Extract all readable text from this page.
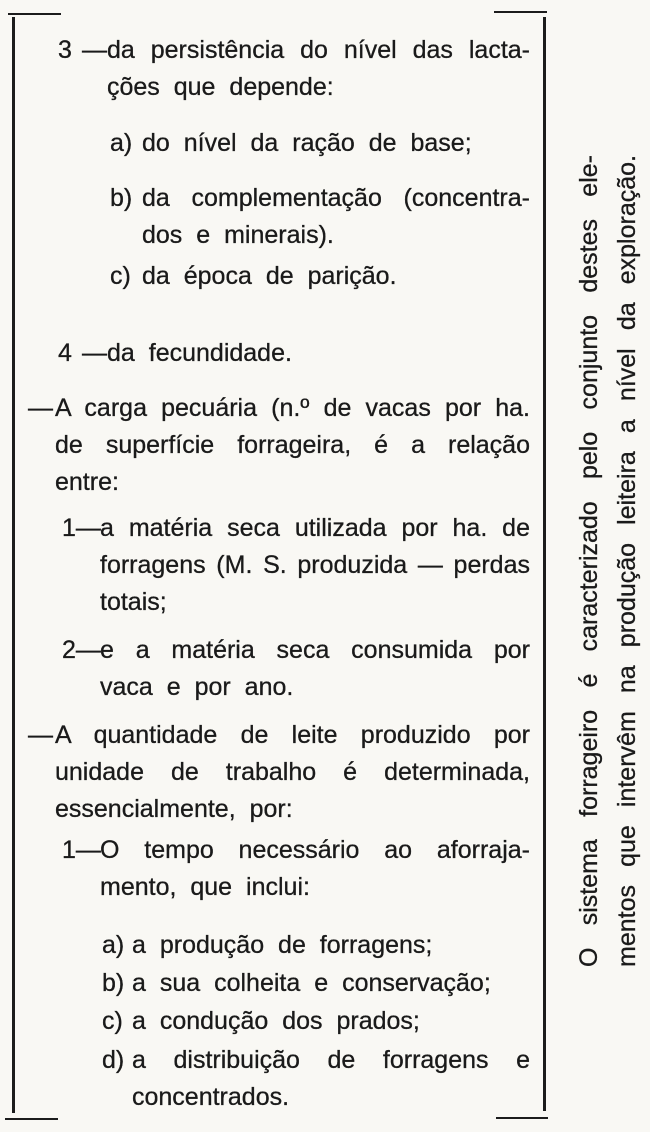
3 — da persistência do nível das lacta-
ções que depende:
a) do nível da ração de base;
b) da complementação (concentra-
dos e minerais).
c) da época de parição.
4 — da fecundidade.
— A carga pecuária (n.º de vacas por ha.
de superfície forrageira, é a relação
entre:
1 — a matéria seca utilizada por ha. de
forragens (M. S. produzida — perdas
totais;
2 — e a matéria seca consumida por
vaca e por ano.
— A quantidade de leite produzido por
unidade de trabalho é determinada,
essencialmente, por:
1 — O tempo necessário ao aforraja-
mento, que inclui:
a) a produção de forragens;
b) a sua colheita e conservação;
c) a condução dos prados;
d) a distribuição de forragens e
concentrados.
O sistema forrageiro é caracterizado pelo conjunto destes ele- mentos que intervêm na produção leiteira a nível da exploração.
